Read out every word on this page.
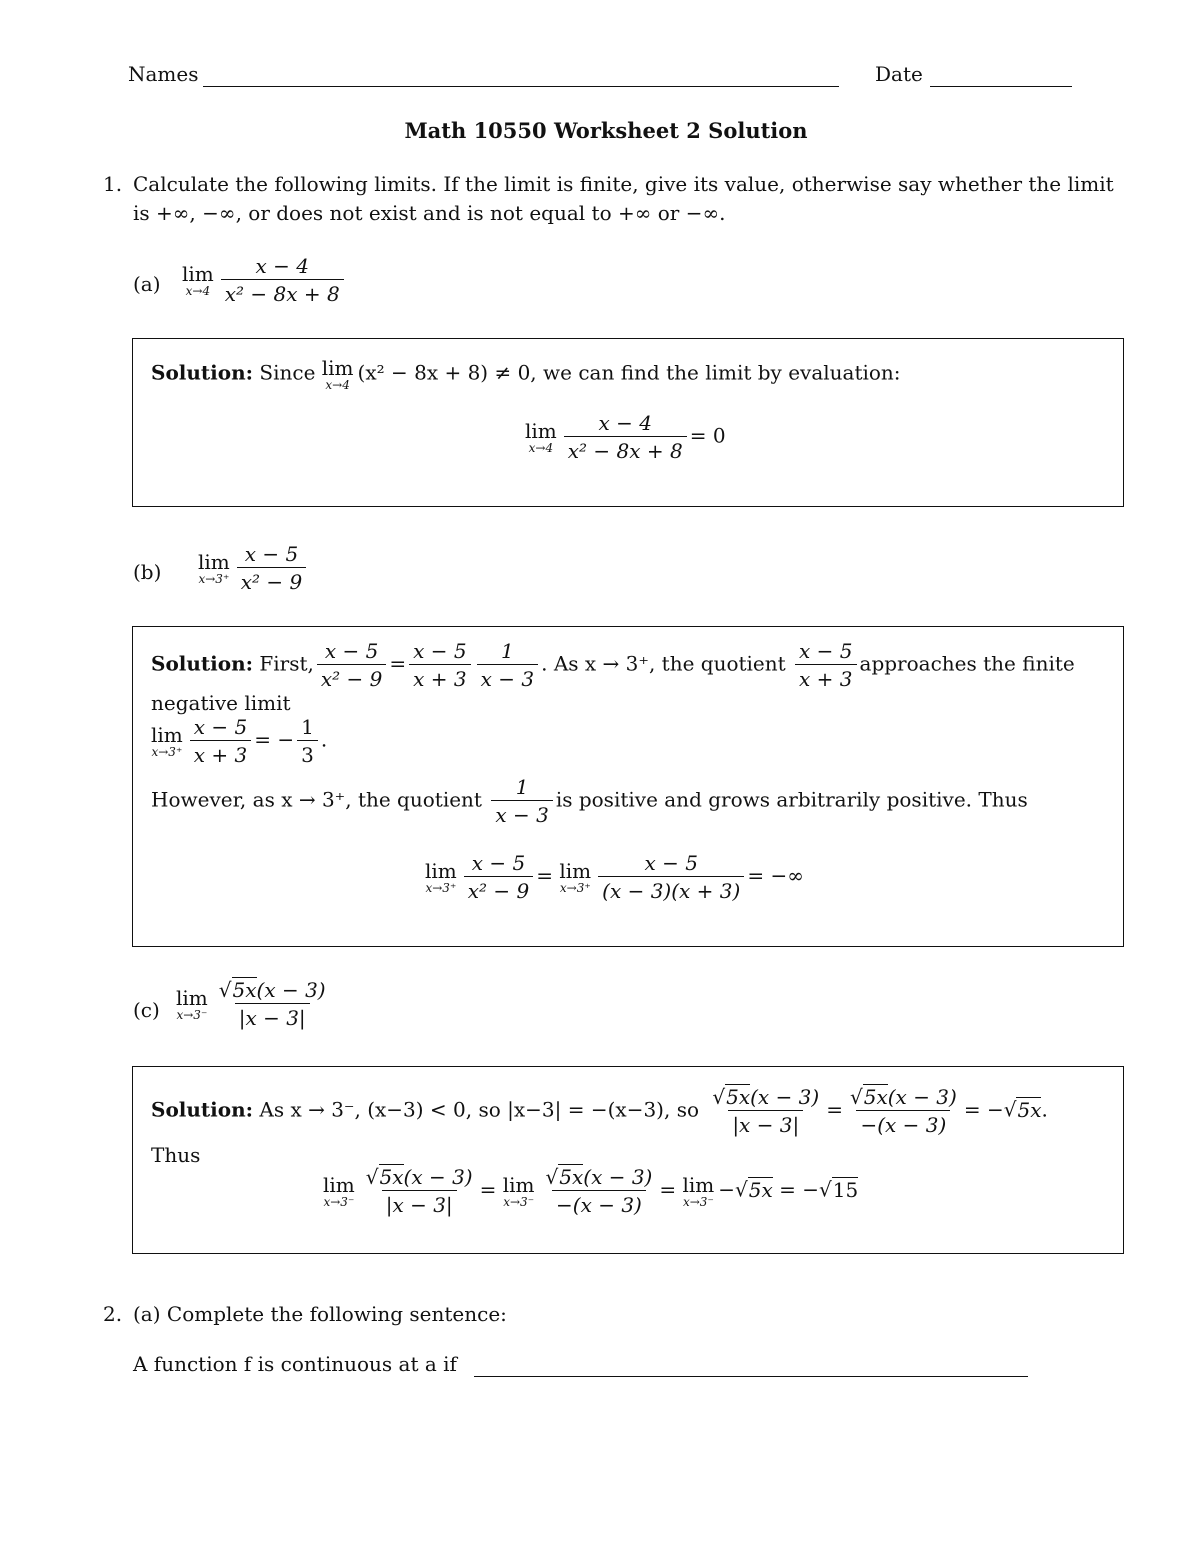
Names	Date
Math 10550 Worksheet 2 Solution
1. Calculate the following limits. If the limit is finite, give its value, otherwise say whether the limit
is +∞, −∞, or does not exist and is not equal to +∞ or −∞.
(a) lim
$x\to 4 \frac{x - 4}{\text{x² − 8x + 8}}$
Solution: Since lim
x→4
(x² − 8x + 8) ≠ 0, we can find the limit by evaluation:
lim
$x\to 4 \frac{x - 4}{\text{x² − 8x + 8}} = 0$
(b) lim
$x\to 3^+ \frac{x - 5}{\text{x² − 9}}$
Solution: First, $\frac{x - 5}{\text{x² − 9}} = \frac{x - 5}{x + 3} \frac{1}{x - 3}$ . As x → 3⁺, the quotient $\frac{x - 5}{x + 3}$ approaches the finite
negative limit
lim
$x\to 3^+ \frac{x - 5}{x + 3}$ = − $\frac{1}{3}$ .
However, as x → 3⁺, the quotient $\frac{1}{x - 3}$ is positive and grows arbitrarily positive. Thus
lim
$x\to 3^+ \frac{x - 5}{\text{x² − 9}} = \lim$
$x\to 3^+ \frac{x - 5}{(x - 3)(x + 3)}$ = −∞
(c) lim
$x\to 3^- \frac{√5x(x - 3)}{|x - 3|}$
Solution: As x → 3⁻, (x−3) < 0, so |x−3| = −(x−3), so $\frac{√5x(x - 3)}{|x - 3|} = \frac{√5x(x - 3)}{-(x - 3)} = -√5x$.
Thus
lim
$x\to 3^- \frac{√5x(x - 3)}{|x - 3|} = \lim$
$x\to 3^- \frac{√5x(x - 3)}{-(x - 3)} = \lim$
x→3⁻
−√5x = −√15
2. (a) Complete the following sentence:
A function f is continuous at a if
